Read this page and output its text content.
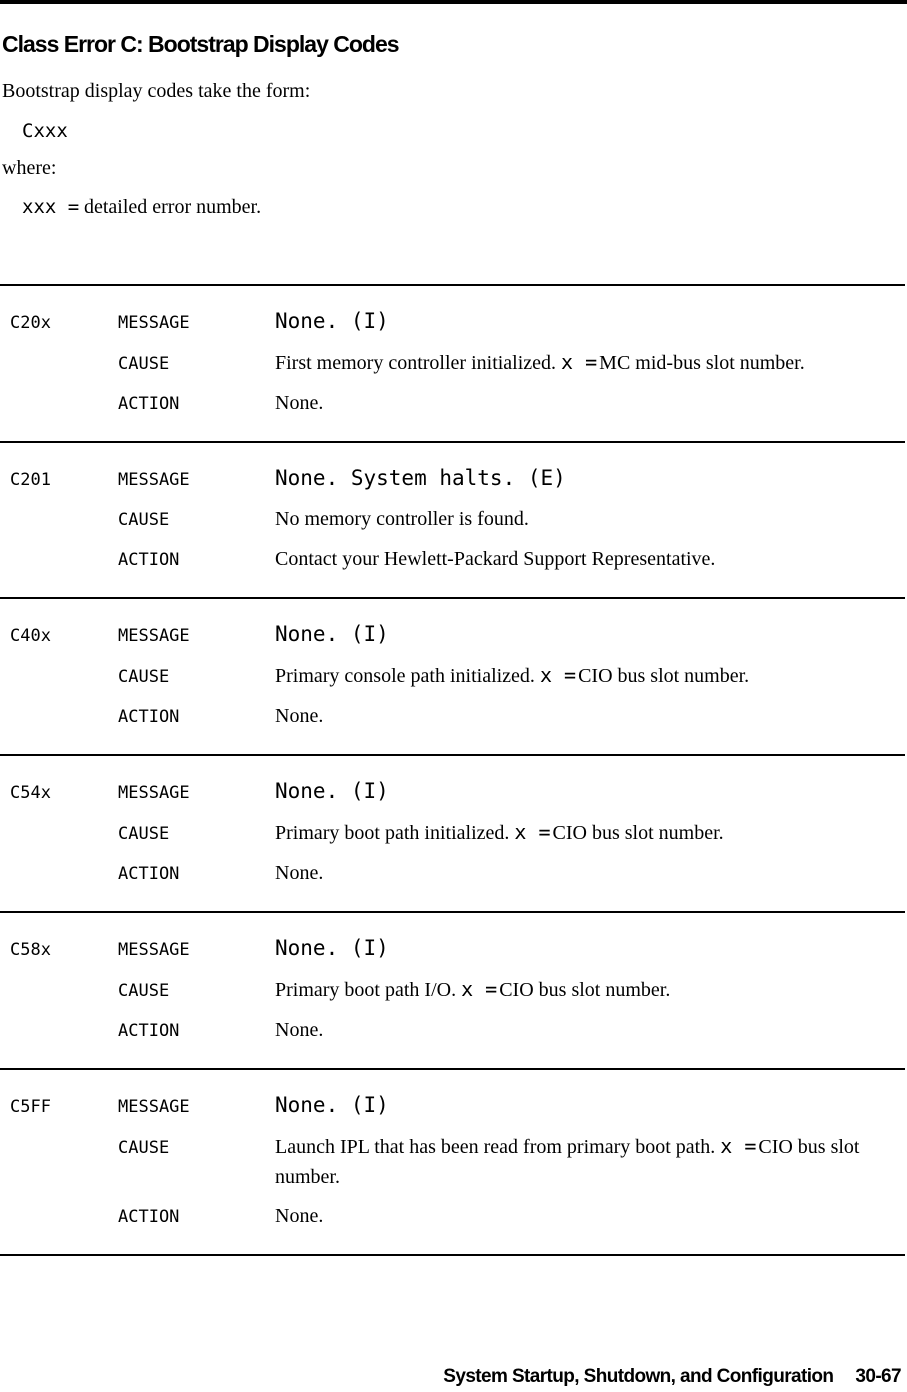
Class Error C: Bootstrap Display Codes

Bootstrap display codes take the form:

Cxxx

where:

xxx = detailed error number.
C20x	MESSAGE	None. (I)
CAUSE	First memory controller initialized. x = MC mid-bus slot number.
ACTION	None.
C201	MESSAGE	None. System halts. (E)
CAUSE	No memory controller is found.
ACTION	Contact your Hewlett-Packard Support Representative.
C40x	MESSAGE	None. (I)
CAUSE	Primary console path initialized. x = CIO bus slot number.
ACTION	None.
C54x	MESSAGE	None. (I)
CAUSE	Primary boot path initialized. x = CIO bus slot number.
ACTION	None.
C58x	MESSAGE	None. (I)
CAUSE	Primary boot path I/O. x = CIO bus slot number.
ACTION	None.
C5FF	MESSAGE	None. (I)
CAUSE	Launch IPL that has been read from primary boot path. x = CIO bus slot number.
ACTION	None.
System Startup, Shutdown, and Configuration 30-67
